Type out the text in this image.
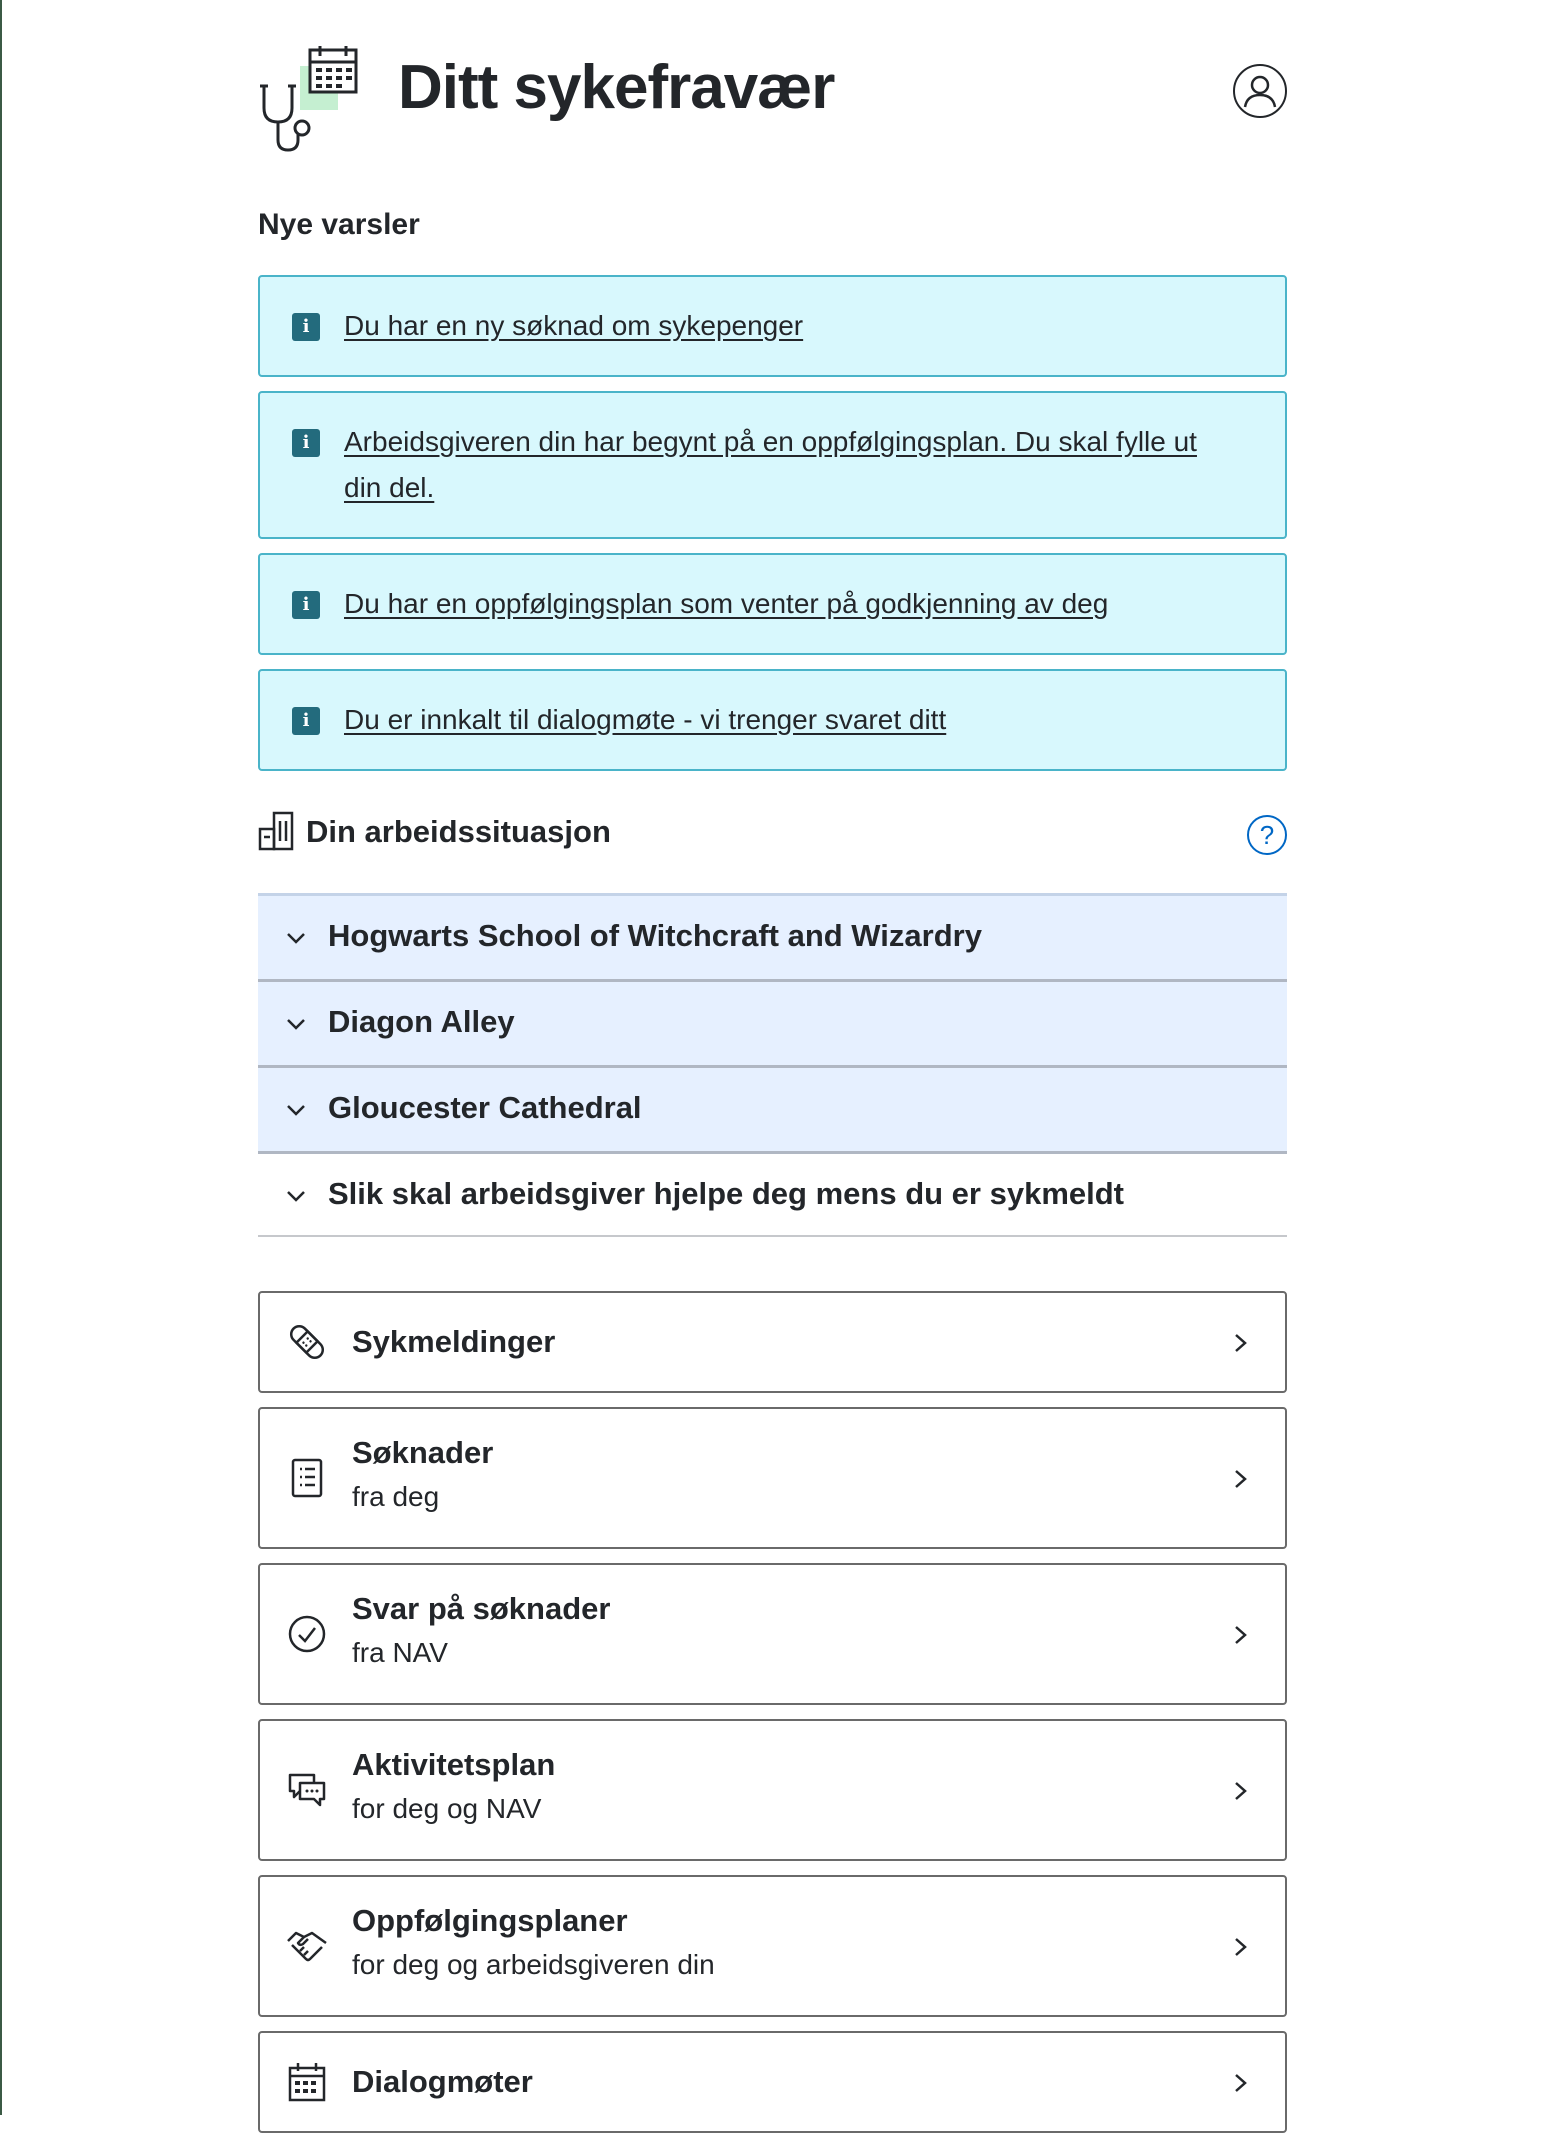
Ditt sykefravær
Nye varsler
i	Du har en ny søknad om sykepenger
i	Arbeidsgiveren din har begynt på en oppfølgingsplan. Du skal fylle ut din del.
i	Du har en oppfølgingsplan som venter på godkjenning av deg
i	Du er innkalt til dialogmøte - vi trenger svaret ditt
Din arbeidssituasjon	?
Hogwarts School of Witchcraft and Wizardry
Diagon Alley
Gloucester Cathedral
Slik skal arbeidsgiver hjelpe deg mens du er sykmeldt
Sykmeldinger
Søknader
fra deg
Svar på søknader
fra NAV
Aktivitetsplan
for deg og NAV
Oppfølgingsplaner
for deg og arbeidsgiveren din
Dialogmøter
